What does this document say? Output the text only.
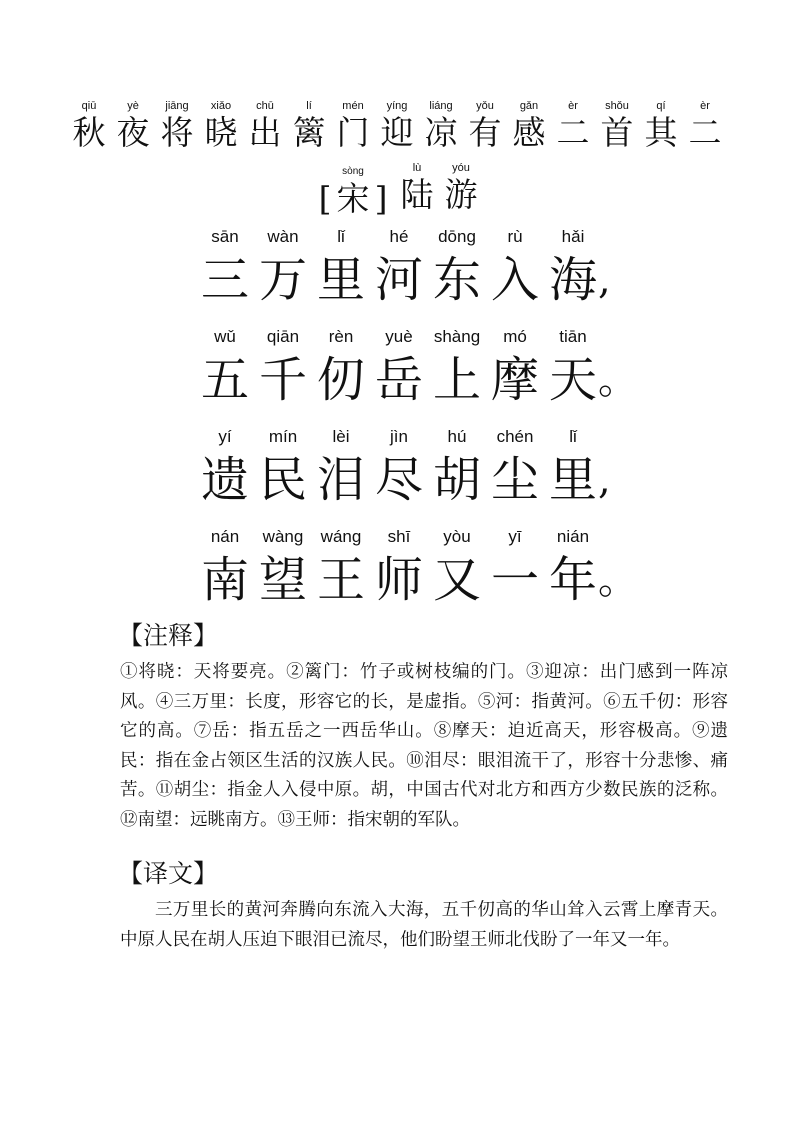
qiū
秋
yè
夜
jiāng
将
xiǎo
晓
chū
出
lí
篱
mén
门
yíng
迎
liáng
凉
yǒu
有
gǎn
感
èr
二
shǒu
首
qí
其
èr
二
[
sòng
宋 ]
lù
陆
yóu
游
sān
三
wàn
万
lǐ
里
hé
河
dōng
东
rù
入
hǎi
海 ,
wǔ
五
qiān
千
rèn
仞
yuè
岳
shàng
上
mó
摩
tiān
天 。
yí
遗
mín
民
lèi
泪
jìn
尽
hú
胡
chén
尘
lǐ
里 ,
nán
南
wàng
望
wáng
王
shī
师
yòu
又
yī
一
nián
年 。
【注释】
①将晓：天将要亮。②篱门：竹子或树枝编的门。③迎凉：出门感到一阵凉风。④三万里：长度，形容它的长，是虚指。⑤河：指黄河。⑥五千仞：形容它的高。⑦岳：指五岳之一西岳华山。⑧摩天：迫近高天，形容极高。⑨遗民：指在金占领区生活的汉族人民。⑩泪尽：眼泪流干了，形容十分悲惨、痛苦。⑪胡尘：指金人入侵中原。胡，中国古代对北方和西方少数民族的泛称。⑫南望：远眺南方。⑬王师：指宋朝的军队。
【译文】
三万里长的黄河奔腾向东流入大海，五千仞高的华山耸入云霄上摩青天。中原人民在胡人压迫下眼泪已流尽，他们盼望王师北伐盼了一年又一年。
